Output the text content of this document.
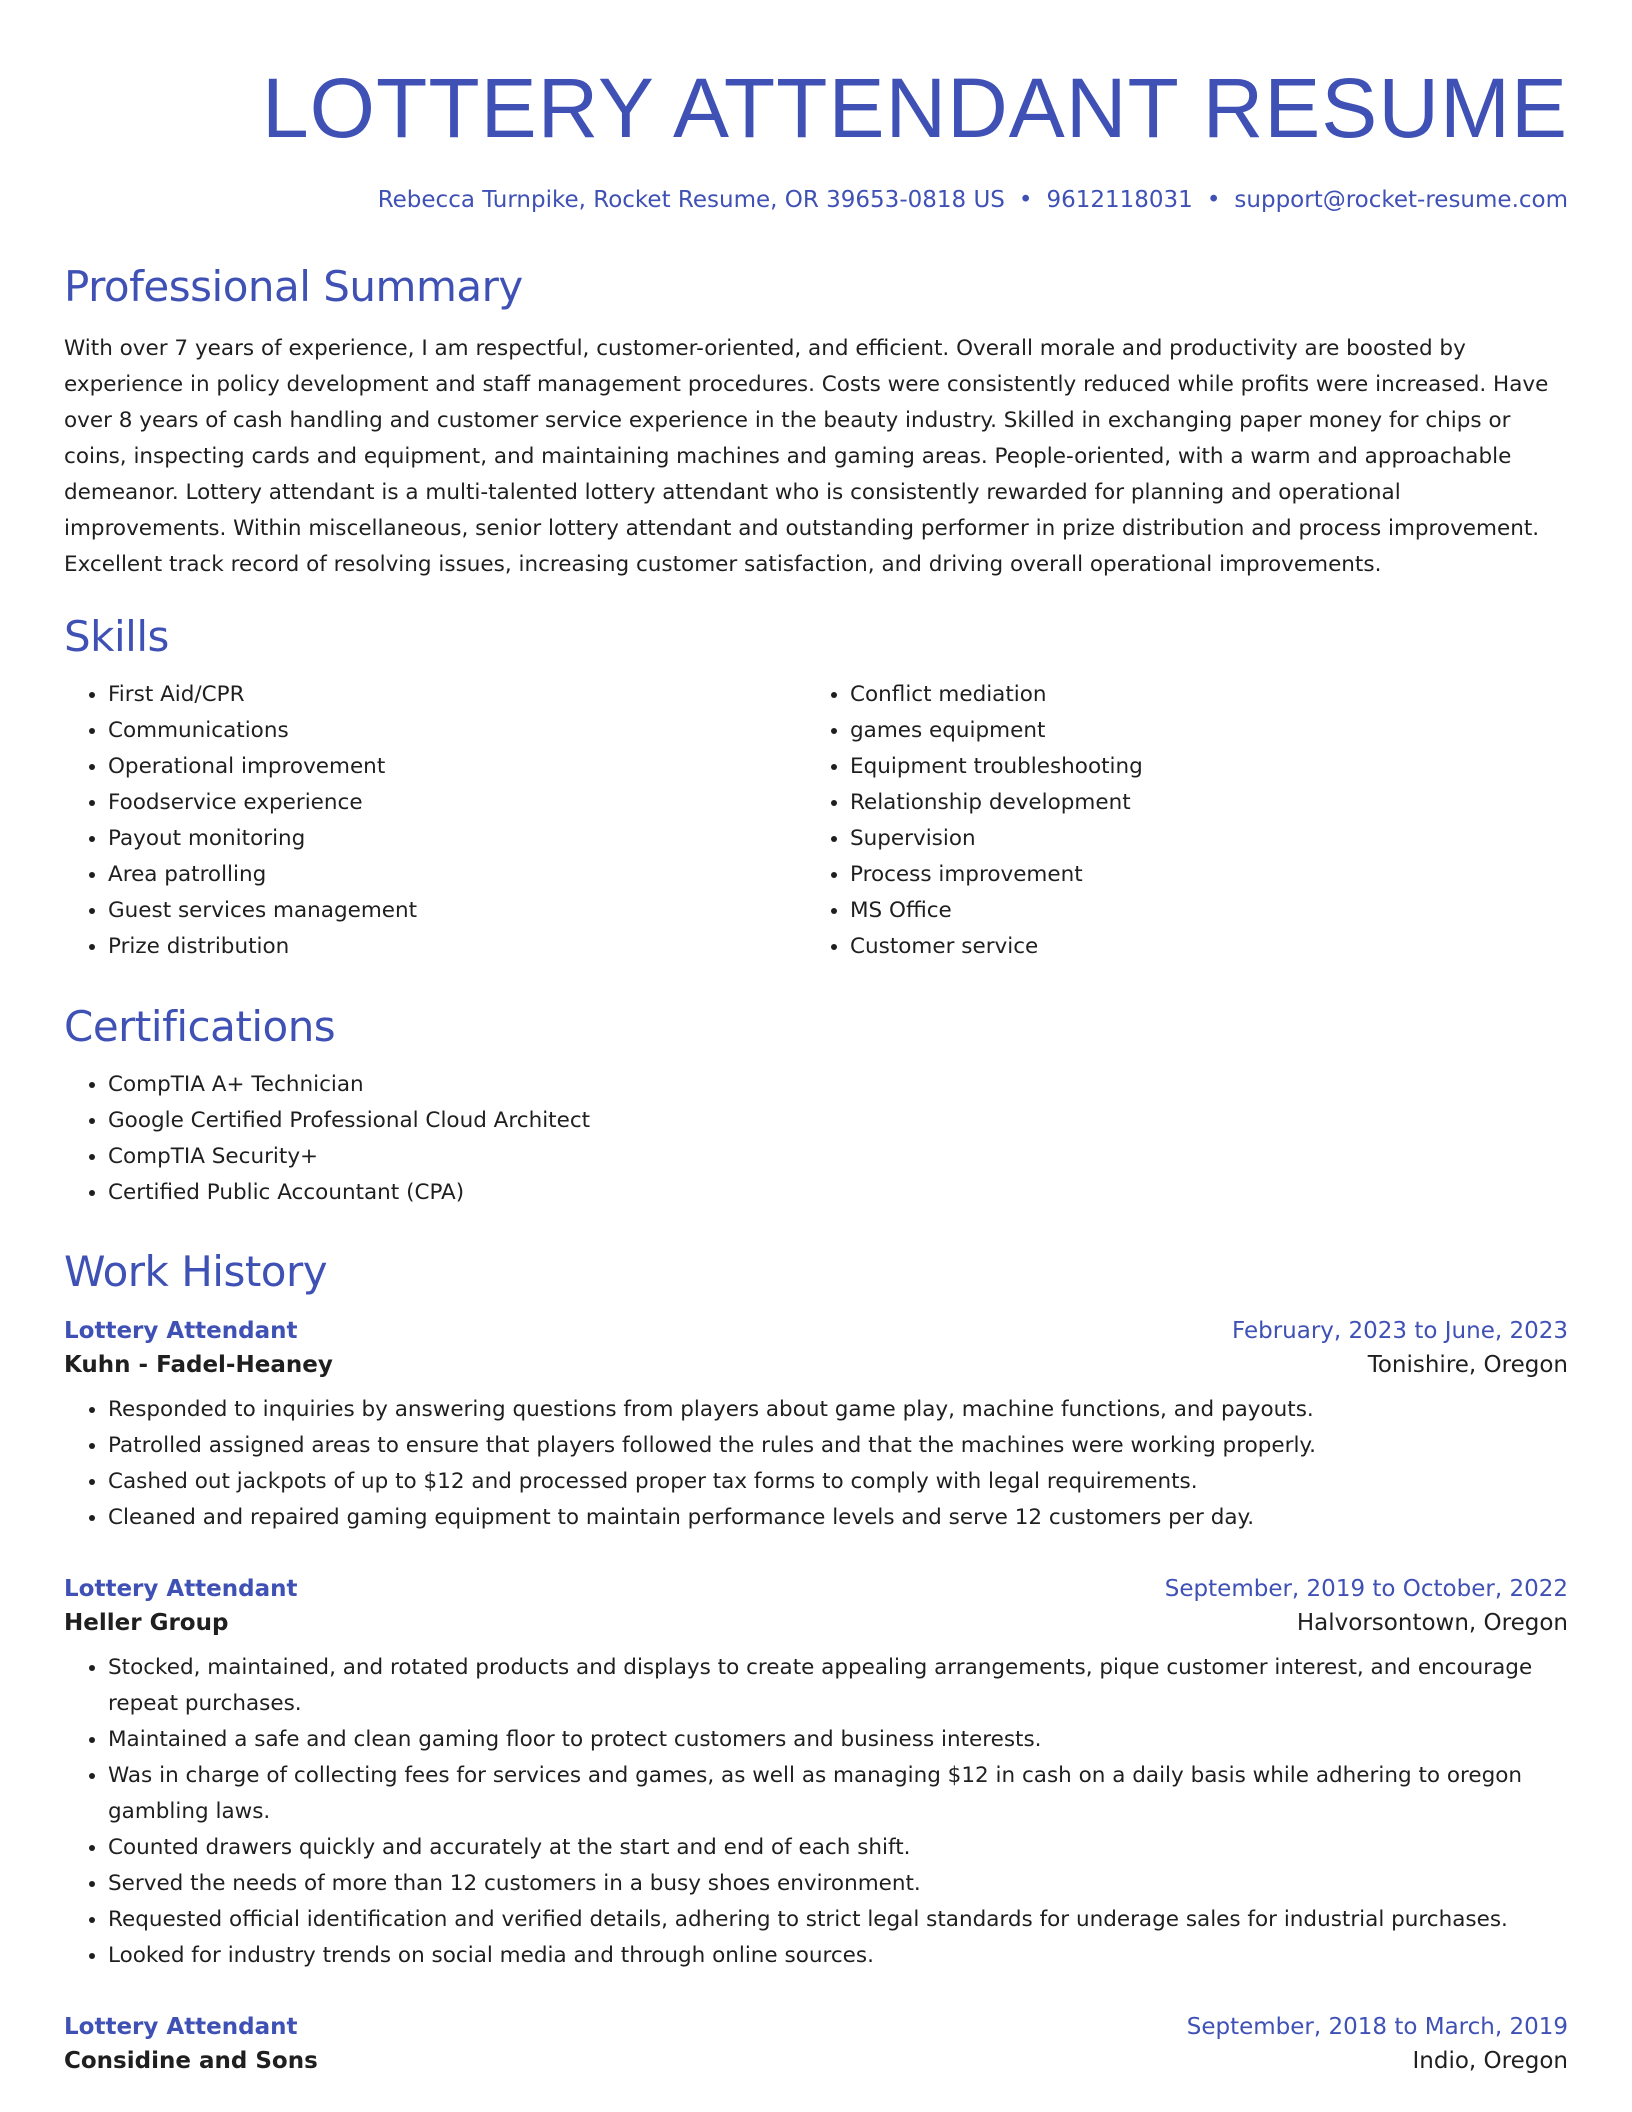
LOTTERY ATTENDANT RESUME
Rebecca Turnpike, Rocket Resume, OR 39653-0818 US • 9612118031 • support@rocket-resume.com
Professional Summary

With over 7 years of experience, I am respectful, customer-oriented, and efficient. Overall morale and productivity are boosted by experience in policy development and staff management procedures. Costs were consistently reduced while profits were increased. Have over 8 years of cash handling and customer service experience in the beauty industry. Skilled in exchanging paper money for chips or coins, inspecting cards and equipment, and maintaining machines and gaming areas. People-oriented, with a warm and approachable demeanor. Lottery attendant is a multi-talented lottery attendant who is consistently rewarded for planning and operational improvements. Within miscellaneous, senior lottery attendant and outstanding performer in prize distribution and process improvement. Excellent track record of resolving issues, increasing customer satisfaction, and driving overall operational improvements.

Skills
• First Aid/CPR
• Communications
• Operational improvement
• Foodservice experience
• Payout monitoring
• Area patrolling
• Guest services management
• Prize distribution
• Conflict mediation
• games equipment
• Equipment troubleshooting
• Relationship development
• Supervision
• Process improvement
• MS Office
• Customer service
Certifications
• CompTIA A+ Technician
• Google Certified Professional Cloud Architect
• CompTIA Security+
• Certified Public Accountant (CPA)
Work History
Lottery Attendant	February, 2023 to June, 2023
Kuhn - Fadel-Heaney	Tonishire, Oregon
• Responded to inquiries by answering questions from players about game play, machine functions, and payouts.
• Patrolled assigned areas to ensure that players followed the rules and that the machines were working properly.
• Cashed out jackpots of up to $12 and processed proper tax forms to comply with legal requirements.
• Cleaned and repaired gaming equipment to maintain performance levels and serve 12 customers per day.
Lottery Attendant	September, 2019 to October, 2022
Heller Group	Halvorsontown, Oregon
• Stocked, maintained, and rotated products and displays to create appealing arrangements, pique customer interest, and encourage repeat purchases.
• Maintained a safe and clean gaming floor to protect customers and business interests.
• Was in charge of collecting fees for services and games, as well as managing $12 in cash on a daily basis while adhering to oregon gambling laws.
• Counted drawers quickly and accurately at the start and end of each shift.
• Served the needs of more than 12 customers in a busy shoes environment.
• Requested official identification and verified details, adhering to strict legal standards for underage sales for industrial purchases.
• Looked for industry trends on social media and through online sources.
Lottery Attendant	September, 2018 to March, 2019
Considine and Sons	Indio, Oregon
